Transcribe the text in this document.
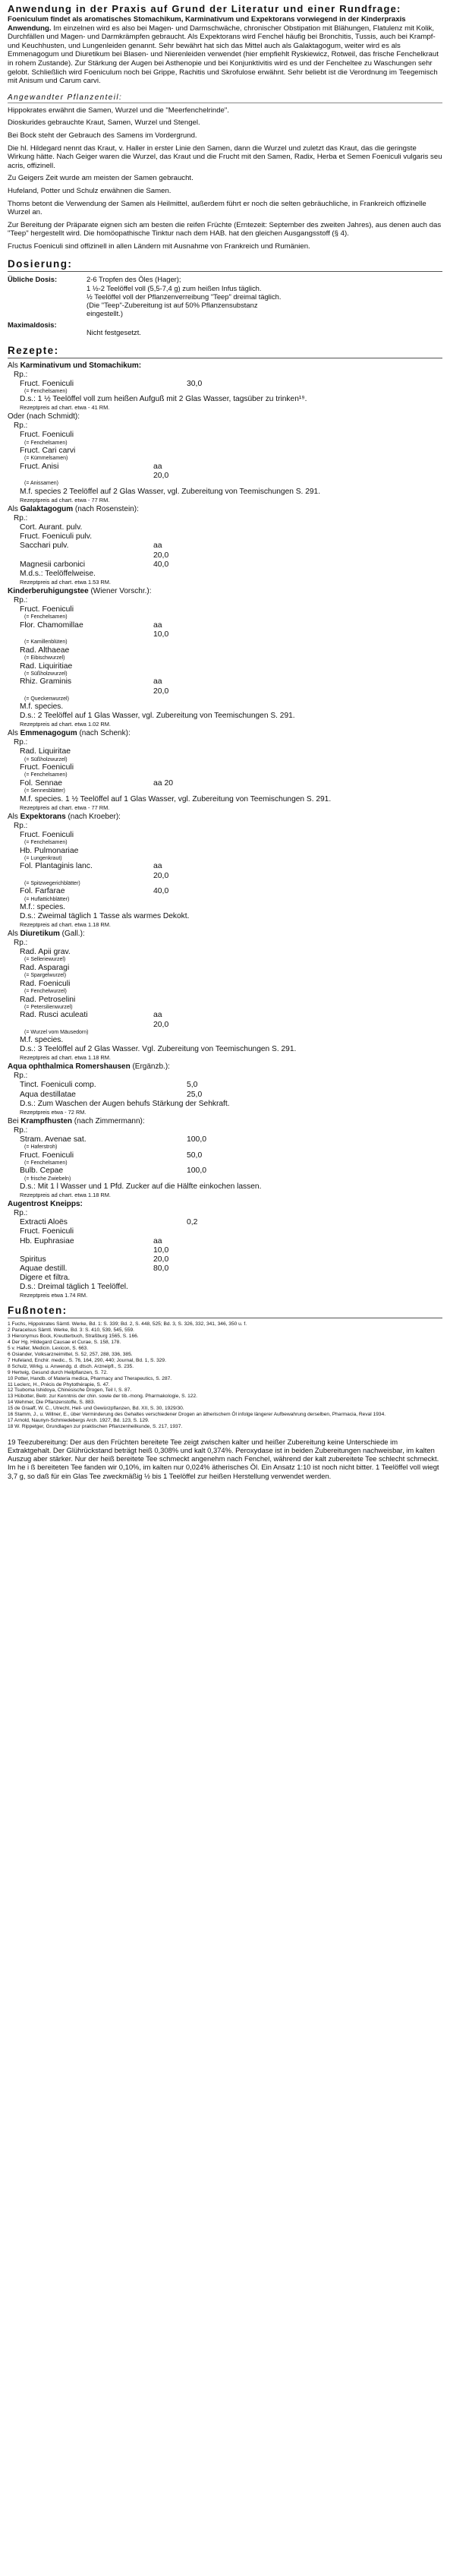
Anwendung in der Praxis auf Grund der Literatur und einer Rundfrage:
Foeniculum findet als aromatisches Stomachikum, Karminativum und Expektorans vorwiegend in der Kinderpraxis Anwendung. Im einzelnen wird es also bei Magen- und Darmschwäche, chronischer Obstipation mit Blähungen, Flatulenz mit Kolik, Durchfällen und Magen- und Darmkrämpfen gebraucht. Als Expektorans wird Fenchel häufig bei Bronchitis, Tussis, auch bei Krampf- und Keuchhusten, und Lungenleiden genannt. Sehr bewährt hat sich das Mittel auch als Galaktagogum, weiter wird es als Emmenagogum und Diuretikum bei Blasen- und Nierenleiden verwendet (hier empfiehlt Ryskiewicz, Rotweil, das frische Fenchelkraut in rohem Zustande). Zur Stärkung der Augen bei Asthenopie und bei Konjunktivitis wird es und der Fencheltee zu Waschungen sehr gelobt. Schließlich wird Foeniculum noch bei Grippe, Rachitis und Skrofulose erwähnt. Sehr beliebt ist die Verordnung im Teegemisch mit Anisum und Carum carvi.
Angewandter Pflanzenteil:
Hippokrates erwähnt die Samen, Wurzel und die "Meerfenchelrinde".
Dioskurides gebrauchte Kraut, Samen, Wurzel und Stengel.
Bei Bock steht der Gebrauch des Samens im Vordergrund.
Die hl. Hildegard nennt das Kraut, v. Haller in erster Linie den Samen, dann die Wurzel und zuletzt das Kraut, das die geringste Wirkung hätte. Nach Geiger waren die Wurzel, das Kraut und die Frucht mit den Samen, Radix, Herba et Semen Foeniculi vulgaris seu acris, offizinell.
Zu Geigers Zeit wurde am meisten der Samen gebraucht.
Hufeland, Potter und Schulz erwähnen die Samen.
Thoms betont die Verwendung der Samen als Heilmittel, außerdem führt er noch die selten gebräuchliche, in Frankreich offizinelle Wurzel an.
Zur Bereitung der Präparate eignen sich am besten die reifen Früchte (Erntezeit: September des zweiten Jahres), aus denen auch das "Teep" hergestellt wird. Die homöopathische Tinktur nach dem HAB. hat den gleichen Ausgangsstoff (§ 4).
Fructus Foeniculi sind offizinell in allen Ländern mit Ausnahme von Frankreich und Rumänien.
Dosierung:
Übliche Dosis:	2-6 Tropfen des Öles (Hager);
1 ½-2 Teelöffel voll (5,5-7,4 g) zum heißen Infus täglich.
½ Teelöffel voll der Pflanzenverreibung "Teep" dreimal täglich.
(Die "Teep"-Zubereitung ist auf 50% Pflanzensubstanz
eingestellt.)
Maximaldosis:
Nicht festgesetzt.
Rezepte:
Als Karminativum und Stomachikum:
Rp.:
Fruct. Foeniculi	30,0
(= Fenchelsamen)
D.s.: 1 ½ Teelöffel voll zum heißen Aufguß mit 2 Glas Wasser, tagsüber zu trinken¹⁹.
Rezeptpreis ad chart. etwa - 41 RM.
Oder (nach Schmidt):
Rp.:
Fruct. Foeniculi
(= Fenchelsamen)
Fruct. Cari carvi
(= Kümmelsamen)
Fruct. Anisi	aa
20,0
(= Anissamen)
M.f. species 2 Teelöffel auf 2 Glas Wasser, vgl. Zubereitung von Teemischungen S. 291.
Rezeptpreis ad chart. etwa - 77 RM.
Als Galaktagogum (nach Rosenstein):
Rp.:
Cort. Aurant. pulv.
Fruct. Foeniculi pulv.
Sacchari pulv.	aa
20,0
Magnesii carbonici	40,0
M.d.s.: Teelöffelweise.
Rezeptpreis ad chart. etwa 1.53 RM.
Kinderberuhigungstee (Wiener Vorschr.):
Rp.:
Fruct. Foeniculi
(= Fenchelsamen)
Flor. Chamomillae	aa
10,0
(= Kamillenblüten)
Rad. Althaeae
(= Eibischwurzel)
Rad. Liquiritiae
(= Süßholzwurzel)
Rhiz. Graminis	aa
20,0
(= Queckenwurzel)
M.f. species.
D.s.: 2 Teelöffel auf 1 Glas Wasser, vgl. Zubereitung von Teemischungen S. 291.
Rezeptpreis ad chart. etwa 1.02 RM.
Als Emmenagogum (nach Schenk):
Rp.:
Rad. Liquiritae
(= Süßholzwurzel)
Fruct. Foeniculi
(= Fenchelsamen)
Fol. Sennae	aa 20
(= Sennesblätter)
M.f. species. 1 ½ Teelöffel auf 1 Glas Wasser, vgl. Zubereitung von Teemischungen S. 291.
Rezeptpreis ad chart. etwa - 77 RM.
Als Expektorans (nach Kroeber):
Rp.:
Fruct. Foeniculi
(= Fenchelsamen)
Hb. Pulmonariae
(= Lungenkraut)
Fol. Plantaginis lanc.	aa
20,0
(= Spitzwegerichblätter)
Fol. Farfarae	40,0
(= Huflattichblätter)
M.f.: species.
D.s.: Zweimal täglich 1 Tasse als warmes Dekokt.
Rezeptpreis ad chart. etwa 1.18 RM.
Als Diuretikum (Gall.):
Rp.:
Rad. Apii grav.
(= Selleriewurzel)
Rad. Asparagi
(= Spargelwurzel)
Rad. Foeniculi
(= Fenchelwurzel)
Rad. Petroselini
(= Petersilienwurzel)
Rad. Rusci aculeati	aa
20,0
(= Wurzel vom Mäusedorn)
M.f. species.
D.s.: 3 Teelöffel auf 2 Glas Wasser. Vgl. Zubereitung von Teemischungen S. 291.
Rezeptpreis ad chart. etwa 1.18 RM.
Aqua ophthalmica Romershausen (Ergänzb.):
Rp.:
Tinct. Foeniculi comp.	5,0
Aqua destillatae	25,0
D.s.: Zum Waschen der Augen behufs Stärkung der Sehkraft.
Rezeptpreis etwa - 72 RM.
Bei Krampfhusten (nach Zimmermann):
Rp.:
Stram. Avenae sat.	100,0
(= Haferstroh)
Fruct. Foeniculi	50,0
(= Fenchelsamen)
Bulb. Cepae	100,0
(= frische Zwiebeln)
D.s.: Mit 1 l Wasser und 1 Pfd. Zucker auf die Hälfte einkochen lassen.
Rezeptpreis ad chart. etwa 1.18 RM.
Augentrost Kneipps:
Rp.:
Extracti Aloës	0,2
Fruct. Foeniculi
Hb. Euphrasiae	aa
10,0
Spiritus	20,0
Aquae destill.	80,0
Digere et filtra.
D.s.: Dreimal täglich 1 Teelöffel.
Rezeptpreis etwa 1.74 RM.
Fußnoten:
1 Fuchs, Hippokrates Sämtl. Werke, Bd. 1: S. 339; Bd. 2, S. 448, 525; Bd. 3, S. 326, 332, 341, 346, 350 u. f.
2 Paracelsus Sämtl. Werke, Bd. 3: S. 410, 539, 545, 559.
3 Hieronymus Bock, Kreutterbuch, Straßburg 1565, S. 166.
4 Der Hg. Hildegard Causae et Curae, S. 158, 178.
5 v. Haller, Medicin. Lexicon, S. 663.
6 Osiander, Volksarzneimittel, S. 52, 257, 288, 336, 385.
7 Hufeland, Enchir. medic., S. 76, 164, 290, 440; Journal, Bd. 1, S. 329.
8 Schulz, Wirkg. u. Anwendg. d. dtsch. Arzneipfl., S. 235.
9 Hertwig, Gesund durch Heilpflanzen, S. 72.
10 Potter, Handb. of Materia medica, Pharmacy and Therapeutics, S. 287.
11 Leclerc, H., Précis de Phytothérapie, S. 47.
12 Tsuboma Ishidoya, Chinesische Drogen, Teil I, S. 87.
13 Hübotter, Beitr. zur Kenntnis der chin. sowie der tib.-mong. Pharmakologie, S. 122.
14 Wehmer, Die Pflanzenstoffe, S. 883.
15 de Graaff, W. C., Utrecht, Heil- und Gewürzpflanzen, Bd. XII, S. 30, 1929/30.
16 Stamm, J., u. Willner, E., über Verminderung des Gehaltes verschiedener Drogen an ätherischem Öl infolge längerer Aufbewahrung derselben, Pharmacia, Reval 1934.
17 Arnold, Naunyn-Schmiedebergs Arch. 1927, Bd. 123, S. 129.
18 W. Rippetger, Grundlagen zur praktischen Pflanzenheilkunde, S. 217, 1937.
19 Teezubereitung: Der aus den Früchten bereitete Tee zeigt zwischen kalter und heißer Zubereitung keine Unterschiede im Extraktgehalt. Der Glührückstand beträgt heiß 0,308% und kalt 0,374%. Peroxydase ist in beiden Zubereitungen nachweisbar, im kalten Auszug aber stärker. Nur der heiß bereitete Tee schmeckt angenehm nach Fenchel, während der kalt zubereitete Tee schlecht schmeckt. Im he i ß bereiteten Tee fanden wir 0,10%, im kalten nur 0,024% ätherisches Öl. Ein Ansatz 1:10 ist noch nicht bitter. 1 Teelöffel voll wiegt 3,7 g, so daß für ein Glas Tee zweckmäßig ½ bis 1 Teelöffel zur heißen Herstellung verwendet werden.
